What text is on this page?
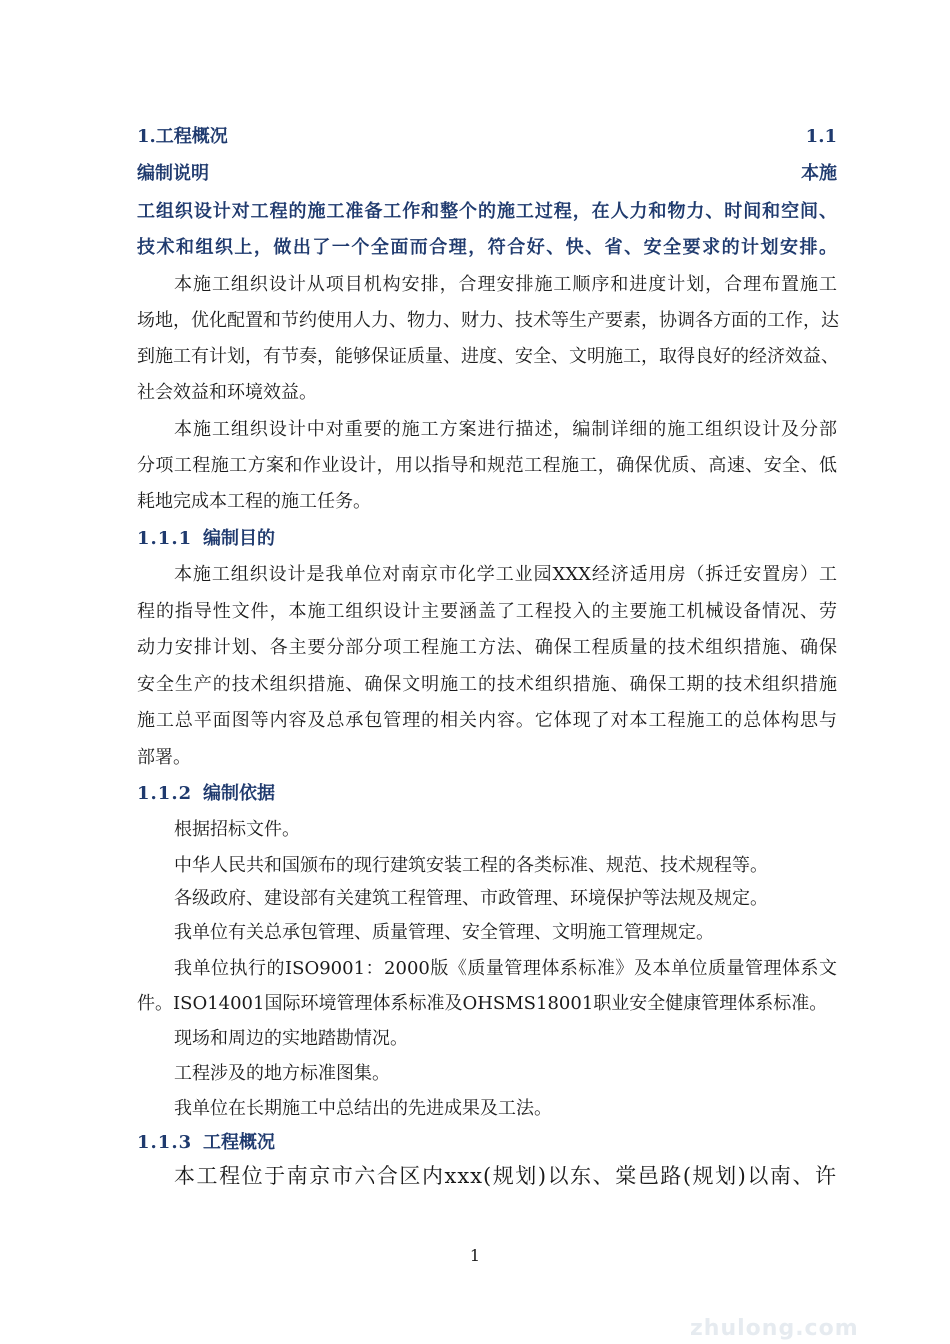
1.工程概况	1.1
编制说明	本施
工组织设计对工程的施工准备工作和整个的施工过程，在人力和物力、时间和空间、
技术和组织上，做出了一个全面而合理，符合好、快、省、安全要求的计划安排。
本施工组织设计从项目机构安排，合理安排施工顺序和进度计划，合理布置施工
场地，优化配置和节约使用人力、物力、财力、技术等生产要素，协调各方面的工作，达
到施工有计划，有节奏，能够保证质量、进度、安全、文明施工，取得良好的经济效益、
社会效益和环境效益。
本施工组织设计中对重要的施工方案进行描述，编制详细的施工组织设计及分部
分项工程施工方案和作业设计，用以指导和规范工程施工，确保优质、高速、安全、低
耗地完成本工程的施工任务。
1.1.1 编制目的
本施工组织设计是我单位对南京市化学工业园XXX经济适用房（拆迁安置房）工
程的指导性文件，本施工组织设计主要涵盖了工程投入的主要施工机械设备情况、劳
动力安排计划、各主要分部分项工程施工方法、确保工程质量的技术组织措施、确保
安全生产的技术组织措施、确保文明施工的技术组织措施、确保工期的技术组织措施
施工总平面图等内容及总承包管理的相关内容。它体现了对本工程施工的总体构思与
部署。
1.1.2 编制依据
根据招标文件。
中华人民共和国颁布的现行建筑安装工程的各类标准、规范、技术规程等。
各级政府、建设部有关建筑工程管理、市政管理、环境保护等法规及规定。
我单位有关总承包管理、质量管理、安全管理、文明施工管理规定。
我单位执行的ISO9001：2000版《质量管理体系标准》及本单位质量管理体系文
件。ISO14001国际环境管理体系标准及OHSMS18001职业安全健康管理体系标准。
现场和周边的实地踏勘情况。
工程涉及的地方标准图集。
我单位在长期施工中总结出的先进成果及工法。
1.1.3 工程概况
本工程位于南京市六合区内xxx(规划)以东、棠邑路(规划)以南、许
1
zhulong.com
